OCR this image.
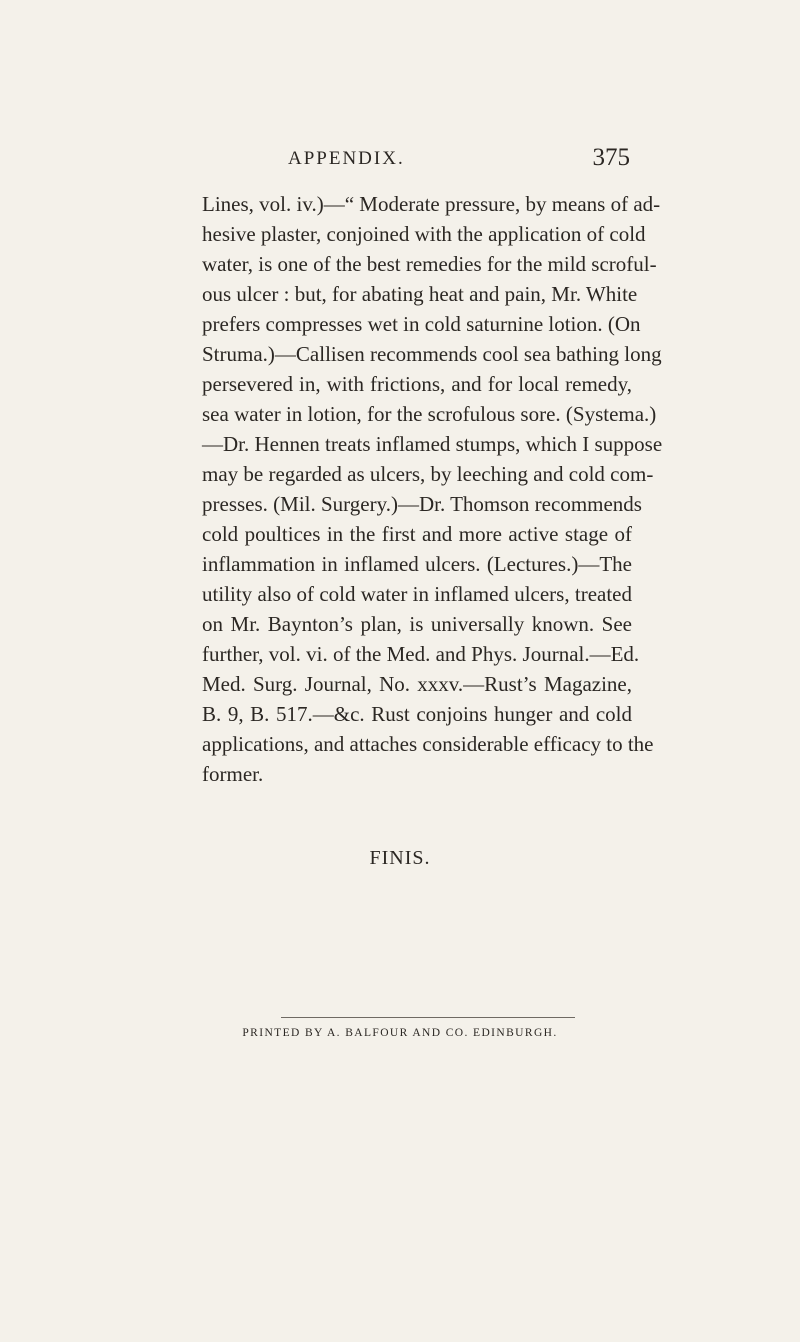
APPENDIX.	375
Lines, vol. iv.)—“ Moderate pressure, by means of ad-
hesive plaster, conjoined with the application of cold
water, is one of the best remedies for the mild scroful-
ous ulcer : but, for abating heat and pain, Mr. White
prefers compresses wet in cold saturnine lotion. (On
Struma.)—Callisen recommends cool sea bathing long
persevered in, with frictions, and for local remedy,
sea water in lotion, for the scrofulous sore. (Systema.)
—Dr. Hennen treats inflamed stumps, which I suppose
may be regarded as ulcers, by leeching and cold com-
presses. (Mil. Surgery.)—Dr. Thomson recommends
cold poultices in the first and more active stage of
inflammation in inflamed ulcers. (Lectures.)—The
utility also of cold water in inflamed ulcers, treated
on Mr. Baynton’s plan, is universally known. See
further, vol. vi. of the Med. and Phys. Journal.—Ed.
Med. Surg. Journal, No. xxxv.—Rust’s Magazine,
B. 9, B. 517.—&c. Rust conjoins hunger and cold
applications, and attaches considerable efficacy to the
former.
FINIS.
PRINTED BY A. BALFOUR AND CO. EDINBURGH.
